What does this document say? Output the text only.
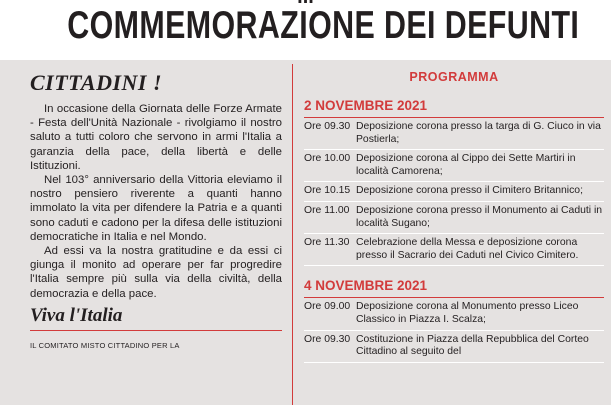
COMMEMORAZIONE DEI DEFUNTI
CITTADINI !

In occasione della Giornata delle Forze Armate - Festa dell'Unità Nazionale - rivolgiamo il nostro saluto a tutti coloro che servono in armi l'Italia a garanzia della pace, della libertà e delle Istituzioni.

Nel 103° anniversario della Vittoria eleviamo il nostro pensiero riverente a quanti hanno immolato la vita per difendere la Patria e a quanti sono caduti e cadono per la difesa delle istituzioni democratiche in Italia e nel Mondo.

Ad essi va la nostra gratitudine e da essi ci giunga il monito ad operare per far progredire l'Italia sempre più sulla via della civiltà, della democrazia e della pace.

Viva l'Italia
IL COMITATO MISTO CITTADINO PER LA
PROGRAMMA
2 NOVEMBRE 2021
Ore 09.30 Deposizione corona presso la targa di G. Ciuco in via Postierla;
Ore 10.00 Deposizione corona al Cippo dei Sette Martiri in località Camorena;
Ore 10.15 Deposizione corona presso il Cimitero Britannico;
Ore 11.00 Deposizione corona presso il Monumento ai Caduti in località Sugano;
Ore 11.30 Celebrazione della Messa e deposizione corona presso il Sacrario dei Caduti nel Civico Cimitero.
4 NOVEMBRE 2021
Ore 09.00 Deposizione corona al Monumento presso Liceo Classico in Piazza I. Scalza;
Ore 09.30 Costituzione in Piazza della Repubblica del Corteo Cittadino al seguito del
